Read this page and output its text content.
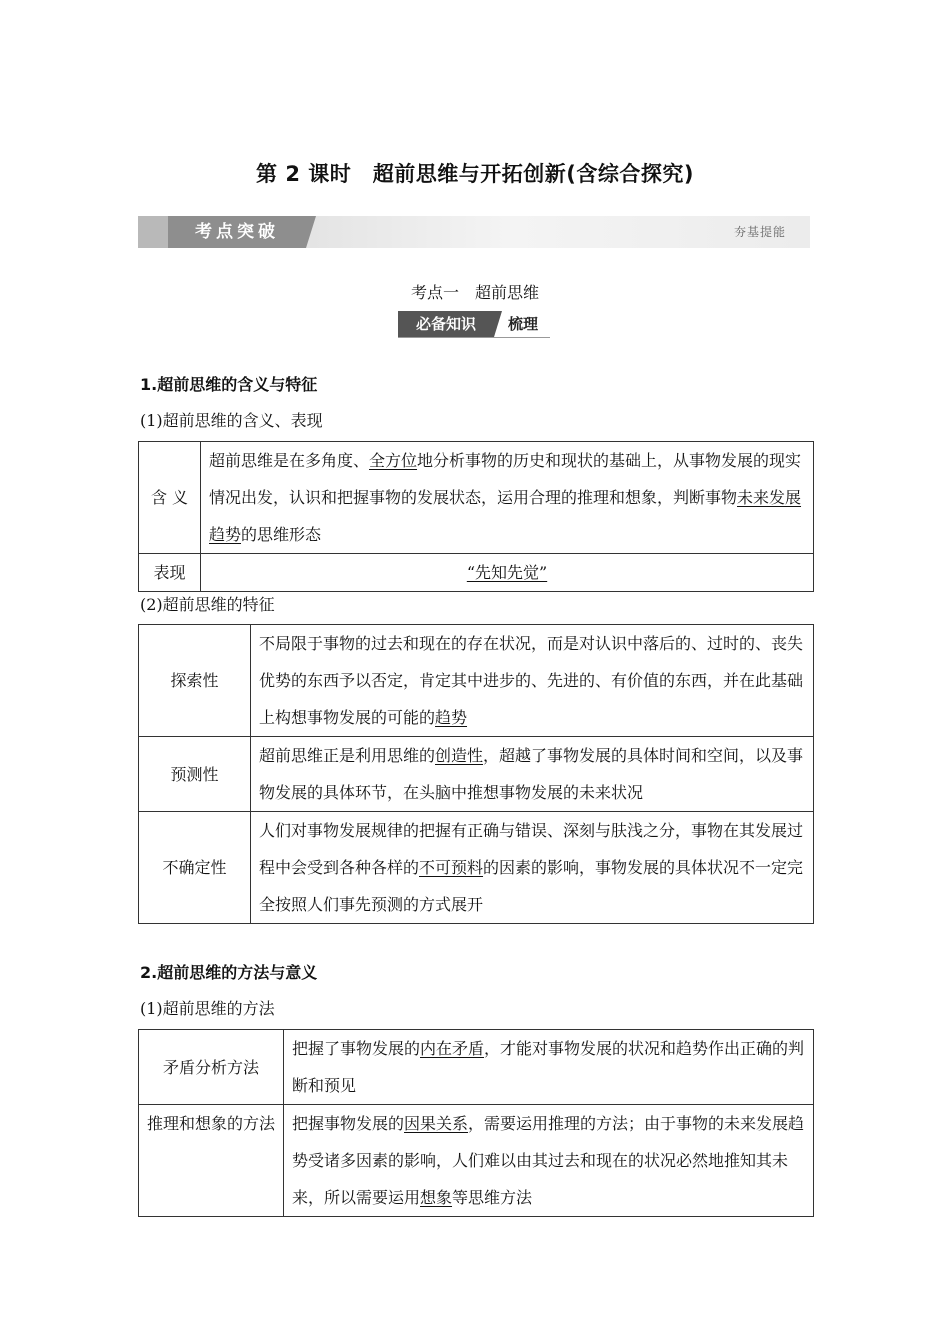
第 2 课时　超前思维与开拓创新(含综合探究)
考点突破	夯基提能
考点一　超前思维
必备知识	梳理
1.超前思维的含义与特征
(1)超前思维的含义、表现
含 义	超前思维是在多角度、全方位地分析事物的历史和现状的基础上，从事物发展的现实情况出发，认识和把握事物的发展状态，运用合理的推理和想象，判断事物未来发展趋势的思维形态
表现	“先知先觉”
(2)超前思维的特征
探索性	不局限于事物的过去和现在的存在状况，而是对认识中落后的、过时的、丧失优势的东西予以否定，肯定其中进步的、先进的、有价值的东西，并在此基础上构想事物发展的可能的趋势
预测性	超前思维正是利用思维的创造性，超越了事物发展的具体时间和空间，以及事物发展的具体环节，在头脑中推想事物发展的未来状况
不确定性	人们对事物发展规律的把握有正确与错误、深刻与肤浅之分，事物在其发展过程中会受到各种各样的不可预料的因素的影响，事物发展的具体状况不一定完全按照人们事先预测的方式展开
2.超前思维的方法与意义
(1)超前思维的方法
矛盾分析方法	把握了事物发展的内在矛盾，才能对事物发展的状况和趋势作出正确的判断和预见
推理和想象的方法	把握事物发展的因果关系，需要运用推理的方法；由于事物的未来发展趋势受诸多因素的影响，人们难以由其过去和现在的状况必然地推知其未来，所以需要运用想象等思维方法
